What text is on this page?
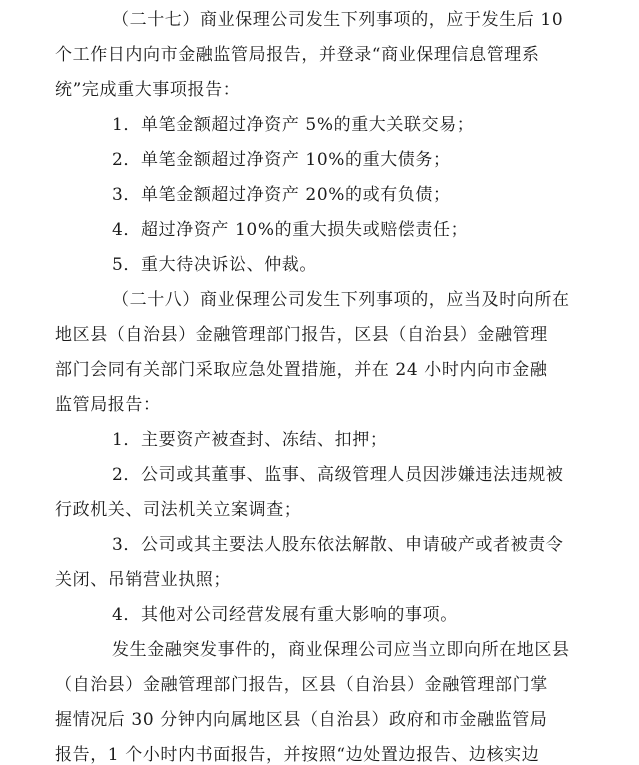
（二十七）商业保理公司发生下列事项的，应于发生后 10
个工作日内向市金融监管局报告，并登录“商业保理信息管理系
统”完成重大事项报告：
1．单笔金额超过净资产 5%的重大关联交易；
2．单笔金额超过净资产 10%的重大债务；
3．单笔金额超过净资产 20%的或有负债；
4．超过净资产 10%的重大损失或赔偿责任；
5．重大待决诉讼、仲裁。
（二十八）商业保理公司发生下列事项的，应当及时向所在
地区县（自治县）金融管理部门报告，区县（自治县）金融管理
部门会同有关部门采取应急处置措施，并在 24 小时内向市金融
监管局报告：
1．主要资产被查封、冻结、扣押；
2．公司或其董事、监事、高级管理人员因涉嫌违法违规被
行政机关、司法机关立案调查；
3．公司或其主要法人股东依法解散、申请破产或者被责令
关闭、吊销营业执照；
4．其他对公司经营发展有重大影响的事项。
发生金融突发事件的，商业保理公司应当立即向所在地区县
（自治县）金融管理部门报告，区县（自治县）金融管理部门掌
握情况后 30 分钟内向属地区县（自治县）政府和市金融监管局
报告，1 个小时内书面报告，并按照“边处置边报告、边核实边
